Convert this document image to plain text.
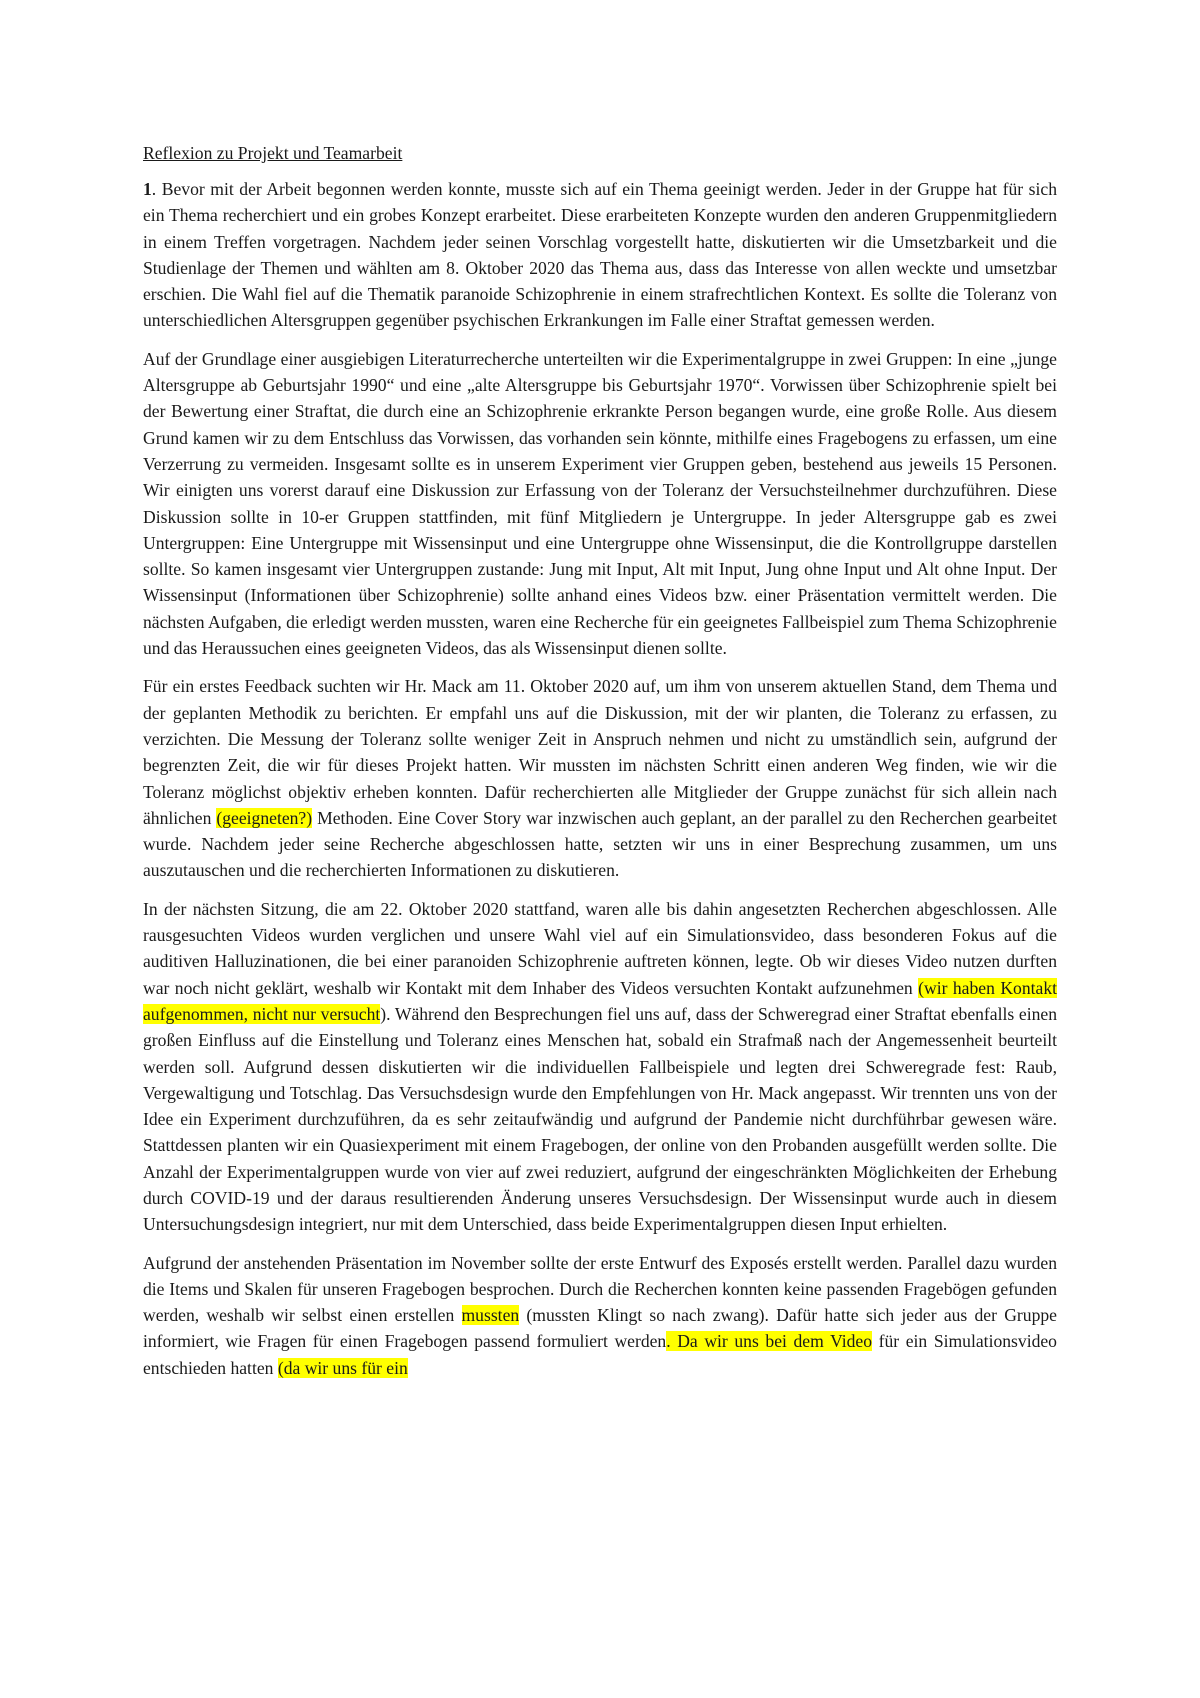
Reflexion zu Projekt und Teamarbeit

1. Bevor mit der Arbeit begonnen werden konnte, musste sich auf ein Thema geeinigt werden. Jeder in der Gruppe hat für sich ein Thema recherchiert und ein grobes Konzept erarbeitet. Diese erarbeiteten Konzepte wurden den anderen Gruppenmitgliedern in einem Treffen vorgetragen. Nachdem jeder seinen Vorschlag vorgestellt hatte, diskutierten wir die Umsetzbarkeit und die Studienlage der Themen und wählten am 8. Oktober 2020 das Thema aus, dass das Interesse von allen weckte und umsetzbar erschien. Die Wahl fiel auf die Thematik paranoide Schizophrenie in einem strafrechtlichen Kontext. Es sollte die Toleranz von unterschiedlichen Altersgruppen gegenüber psychischen Erkrankungen im Falle einer Straftat gemessen werden.

Auf der Grundlage einer ausgiebigen Literaturrecherche unterteilten wir die Experimentalgruppe in zwei Gruppen: In eine „junge Altersgruppe ab Geburtsjahr 1990“ und eine „alte Altersgruppe bis Geburtsjahr 1970“. Vorwissen über Schizophrenie spielt bei der Bewertung einer Straftat, die durch eine an Schizophrenie erkrankte Person begangen wurde, eine große Rolle. Aus diesem Grund kamen wir zu dem Entschluss das Vorwissen, das vorhanden sein könnte, mithilfe eines Fragebogens zu erfassen, um eine Verzerrung zu vermeiden. Insgesamt sollte es in unserem Experiment vier Gruppen geben, bestehend aus jeweils 15 Personen. Wir einigten uns vorerst darauf eine Diskussion zur Erfassung von der Toleranz der Versuchsteilnehmer durchzuführen. Diese Diskussion sollte in 10-er Gruppen stattfinden, mit fünf Mitgliedern je Untergruppe. In jeder Altersgruppe gab es zwei Untergruppen: Eine Untergruppe mit Wissensinput und eine Untergruppe ohne Wissensinput, die die Kontrollgruppe darstellen sollte. So kamen insgesamt vier Untergruppen zustande: Jung mit Input, Alt mit Input, Jung ohne Input und Alt ohne Input. Der Wissensinput (Informationen über Schizophrenie) sollte anhand eines Videos bzw. einer Präsentation vermittelt werden. Die nächsten Aufgaben, die erledigt werden mussten, waren eine Recherche für ein geeignetes Fallbeispiel zum Thema Schizophrenie und das Heraussuchen eines geeigneten Videos, das als Wissensinput dienen sollte.

Für ein erstes Feedback suchten wir Hr. Mack am 11. Oktober 2020 auf, um ihm von unserem aktuellen Stand, dem Thema und der geplanten Methodik zu berichten. Er empfahl uns auf die Diskussion, mit der wir planten, die Toleranz zu erfassen, zu verzichten. Die Messung der Toleranz sollte weniger Zeit in Anspruch nehmen und nicht zu umständlich sein, aufgrund der begrenzten Zeit, die wir für dieses Projekt hatten. Wir mussten im nächsten Schritt einen anderen Weg finden, wie wir die Toleranz möglichst objektiv erheben konnten. Dafür recherchierten alle Mitglieder der Gruppe zunächst für sich allein nach ähnlichen (geeigneten?) Methoden. Eine Cover Story war inzwischen auch geplant, an der parallel zu den Recherchen gearbeitet wurde. Nachdem jeder seine Recherche abgeschlossen hatte, setzten wir uns in einer Besprechung zusammen, um uns auszutauschen und die recherchierten Informationen zu diskutieren.

In der nächsten Sitzung, die am 22. Oktober 2020 stattfand, waren alle bis dahin angesetzten Recherchen abgeschlossen. Alle rausgesuchten Videos wurden verglichen und unsere Wahl viel auf ein Simulationsvideo, dass besonderen Fokus auf die auditiven Halluzinationen, die bei einer paranoiden Schizophrenie auftreten können, legte. Ob wir dieses Video nutzen durften war noch nicht geklärt, weshalb wir Kontakt mit dem Inhaber des Videos versuchten Kontakt aufzunehmen (wir haben Kontakt aufgenommen, nicht nur versucht). Während den Besprechungen fiel uns auf, dass der Schweregrad einer Straftat ebenfalls einen großen Einfluss auf die Einstellung und Toleranz eines Menschen hat, sobald ein Strafmaß nach der Angemessenheit beurteilt werden soll. Aufgrund dessen diskutierten wir die individuellen Fallbeispiele und legten drei Schweregrade fest: Raub, Vergewaltigung und Totschlag. Das Versuchsdesign wurde den Empfehlungen von Hr. Mack angepasst. Wir trennten uns von der Idee ein Experiment durchzuführen, da es sehr zeitaufwändig und aufgrund der Pandemie nicht durchführbar gewesen wäre. Stattdessen planten wir ein Quasiexperiment mit einem Fragebogen, der online von den Probanden ausgefüllt werden sollte. Die Anzahl der Experimentalgruppen wurde von vier auf zwei reduziert, aufgrund der eingeschränkten Möglichkeiten der Erhebung durch COVID-19 und der daraus resultierenden Änderung unseres Versuchsdesign. Der Wissensinput wurde auch in diesem Untersuchungsdesign integriert, nur mit dem Unterschied, dass beide Experimentalgruppen diesen Input erhielten.

Aufgrund der anstehenden Präsentation im November sollte der erste Entwurf des Exposés erstellt werden. Parallel dazu wurden die Items und Skalen für unseren Fragebogen besprochen. Durch die Recherchen konnten keine passenden Fragebögen gefunden werden, weshalb wir selbst einen erstellen mussten (mussten Klingt so nach zwang). Dafür hatte sich jeder aus der Gruppe informiert, wie Fragen für einen Fragebogen passend formuliert werden. Da wir uns bei dem Video für ein Simulationsvideo entschieden hatten (da wir uns für ein
